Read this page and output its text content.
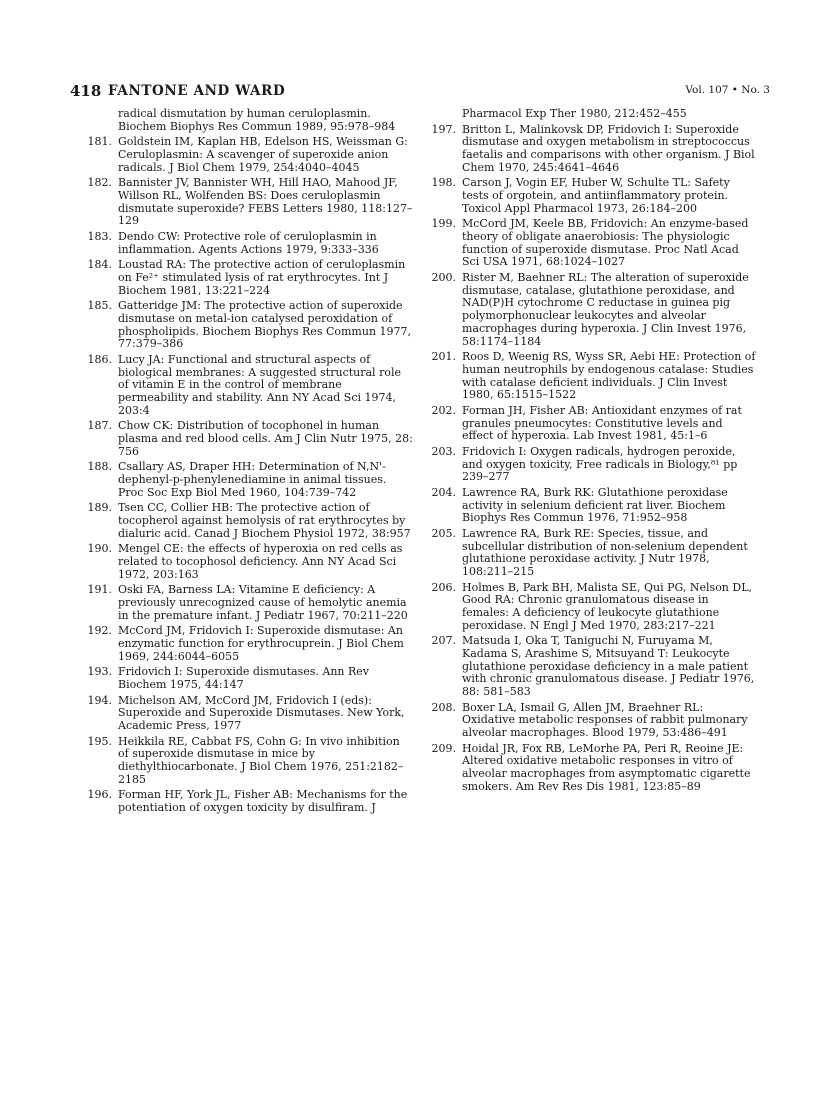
418 FANTONE AND WARD	Vol. 107 • No. 3
radical dismutation by human ceruloplasmin. Biochem Biophys Res Commun 1989, 95:978–984
181. Goldstein IM, Kaplan HB, Edelson HS, Weissman G: Ceruloplasmin: A scavenger of superoxide anion radicals. J Biol Chem 1979, 254:4040–4045
182. Bannister JV, Bannister WH, Hill HAO, Mahood JF, Willson RL, Wolfenden BS: Does ceruloplasmin dismutate superoxide? FEBS Letters 1980, 118:127–129
183. Dendo CW: Protective role of ceruloplasmin in inflammation. Agents Actions 1979, 9:333–336
184. Loustad RA: The protective action of ceruloplasmin on Fe²⁺ stimulated lysis of rat erythrocytes. Int J Biochem 1981, 13:221–224
185. Gatteridge JM: The protective action of superoxide dismutase on metal-ion catalysed peroxidation of phospholipids. Biochem Biophys Res Commun 1977, 77:379–386
186. Lucy JA: Functional and structural aspects of biological membranes: A suggested structural role of vitamin E in the control of membrane permeability and stability. Ann NY Acad Sci 1974, 203:4
187. Chow CK: Distribution of tocophonel in human plasma and red blood cells. Am J Clin Nutr 1975, 28: 756
188. Csallary AS, Draper HH: Determination of N,N'-dephenyl-p-phenylenediamine in animal tissues. Proc Soc Exp Biol Med 1960, 104:739–742
189. Tsen CC, Collier HB: The protective action of tocopherol against hemolysis of rat erythrocytes by dialuric acid. Canad J Biochem Physiol 1972, 38:957
190. Mengel CE: the effects of hyperoxia on red cells as related to tocophosol deficiency. Ann NY Acad Sci 1972, 203:163
191. Oski FA, Barness LA: Vitamine E deficiency: A previously unrecognized cause of hemolytic anemia in the premature infant. J Pediatr 1967, 70:211–220
192. McCord JM, Fridovich I: Superoxide dismutase: An enzymatic function for erythrocuprein. J Biol Chem 1969, 244:6044–6055
193. Fridovich I: Superoxide dismutases. Ann Rev Biochem 1975, 44:147
194. Michelson AM, McCord JM, Fridovich I (eds): Superoxide and Superoxide Dismutases. New York, Academic Press, 1977
195. Heikkila RE, Cabbat FS, Cohn G: In vivo inhibition of superoxide dismutase in mice by diethylthiocarbonate. J Biol Chem 1976, 251:2182–2185
196. Forman HF, York JL, Fisher AB: Mechanisms for the potentiation of oxygen toxicity by disulfiram. J
Pharmacol Exp Ther 1980, 212:452–455
197. Britton L, Malinkovsk DP, Fridovich I: Superoxide dismutase and oxygen metabolism in streptococcus faetalis and comparisons with other organism. J Biol Chem 1970, 245:4641–4646
198. Carson J, Vogin EF, Huber W, Schulte TL: Safety tests of orgotein, and antiinflammatory protein. Toxicol Appl Pharmacol 1973, 26:184–200
199. McCord JM, Keele BB, Fridovich: An enzyme-based theory of obligate anaerobiosis: The physiologic function of superoxide dismutase. Proc Natl Acad Sci USA 1971, 68:1024–1027
200. Rister M, Baehner RL: The alteration of superoxide dismutase, catalase, glutathione peroxidase, and NAD(P)H cytochrome C reductase in guinea pig polymorphonuclear leukocytes and alveolar macrophages during hyperoxia. J Clin Invest 1976, 58:1174–1184
201. Roos D, Weenig RS, Wyss SR, Aebi HE: Protection of human neutrophils by endogenous catalase: Studies with catalase deficient individuals. J Clin Invest 1980, 65:1515–1522
202. Forman JH, Fisher AB: Antioxidant enzymes of rat granules pneumocytes: Constitutive levels and effect of hyperoxia. Lab Invest 1981, 45:1–6
203. Fridovich I: Oxygen radicals, hydrogen peroxide, and oxygen toxicity, Free radicals in Biology,⁸¹ pp 239–277
204. Lawrence RA, Burk RK: Glutathione peroxidase activity in selenium deficient rat liver. Biochem Biophys Res Commun 1976, 71:952–958
205. Lawrence RA, Burk RE: Species, tissue, and subcellular distribution of non-selenium dependent glutathione peroxidase activity. J Nutr 1978, 108:211–215
206. Holmes B, Park BH, Malista SE, Qui PG, Nelson DL, Good RA: Chronic granulomatous disease in females: A deficiency of leukocyte glutathione peroxidase. N Engl J Med 1970, 283:217–221
207. Matsuda I, Oka T, Taniguchi N, Furuyama M, Kadama S, Arashime S, Mitsuyand T: Leukocyte glutathione peroxidase deficiency in a male patient with chronic granulomatous disease. J Pediatr 1976, 88: 581–583
208. Boxer LA, Ismail G, Allen JM, Braehner RL: Oxidative metabolic responses of rabbit pulmonary alveolar macrophages. Blood 1979, 53:486–491
209. Hoidal JR, Fox RB, LeMorhe PA, Peri R, Reoine JE: Altered oxidative metabolic responses in vitro of alveolar macrophages from asymptomatic cigarette smokers. Am Rev Res Dis 1981, 123:85–89
